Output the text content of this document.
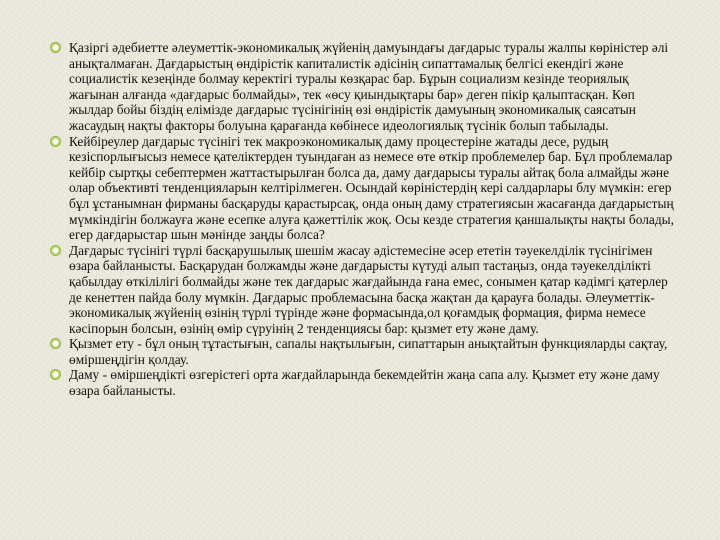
Қазіргі әдебиетте әлеуметтік-экономикалық жүйенің дамуындағы дағдарыс туралы жалпы көріністер әлі анықталмаған. Дағдарыстың өндірістік капиталистік әдісінің сипаттамалық белгісі екендігі және социалистік кезеңінде болмау керектігі туралы көзқарас бар. Бұрын социализм кезінде теориялық жағынан алғанда «дағдарыс болмайды», тек «өсу қиындықтары бар» деген пікір қалыптасқан. Көп жылдар бойы біздің елімізде дағдарыс түсінігінің өзі өндірістік дамуының экономикалық саясатын жасаудың нақты факторы болуына қарағанда көбінесе идеологиялық түсінік болып табылады.
Кейбіреулер дағдарыс түсінігі тек макроэкономикалық даму процестеріне жатады десе, рудың кезіспорлығысыз немесе қателіктерден туындаған аз немесе өте өткір проблемелер бар. Бұл проблемалар кейбір сыртқы себептермен жаттастырылған болса да, даму дағдарысы туралы айтақ бола алмайды және олар объективті тенденцияларын келтірілмеген. Осындай көріністердің кері салдарлары блу мүмкін: егер бұл ұстанымнан фирманы басқаруды қарастырсақ, онда оның даму стратегиясын жасағанда дағдарыстың мүмкіндігін болжауға және есепке алуға қажеттілік жоқ. Осы кезде стратегия қаншалықты нақты болады, егер дағдарыстар шын мәнінде заңды болса?
Дағдарыс түсінігі түрлі басқарушылық шешім жасау әдістемесіне әсер ететін тәуекелділік түсінігімен өзара байланысты. Басқарудан болжамды және дағдарысты күтуді алып тастаңыз, онда тәуекелділікті қабылдау өткілілігі болмайды және тек дағдарыс жағдайында ғана емес, сонымен қатар кәдімгі қатерлер де кенеттен пайда болу мүмкін. Дағдарыс проблемасына басқа жақтан да қарауға болады. Әлеуметтік-экономикалық жүйенің өзінің түрлі түрінде және формасында,ол қоғамдық формация, фирма немесе кәсіпорын болсын, өзінің өмір сүруінің 2 тенденциясы бар: қызмет ету және даму.
Қызмет ету - бұл оның тұтастығын, сапалы нақтылығын, сипаттарын анықтайтын функцияларды сақтау, өміршеңдігін қолдау.
Даму - өміршеңдікті өзгерістегі орта жағдайларында бекемдейтін жаңа сапа алу. Қызмет ету және даму өзара байланысты.
